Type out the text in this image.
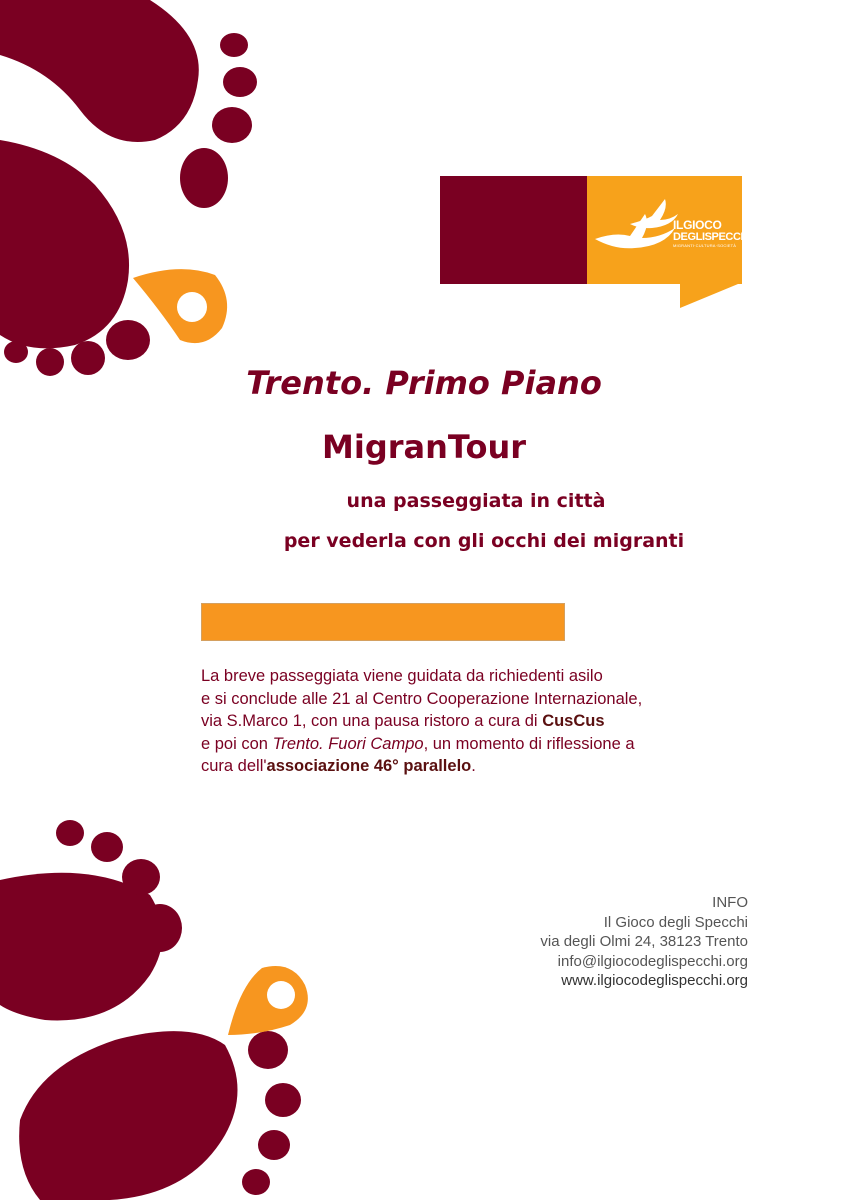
ILGIOCO
DEGLISPECCHI
MIGRANTI·CULTURA·SOCIETÀ
Trento. Primo Piano
MigranTour
una passeggiata in città
per vederla con gli occhi dei migranti
La breve passeggiata viene guidata da richiedenti asilo
e si conclude alle 21 al Centro Cooperazione Internazionale,
via S.Marco 1, con una pausa ristoro a cura di CusCus
e poi con Trento. Fuori Campo, un momento di riflessione a
cura dell'associazione 46° parallelo.
INFO
Il Gioco degli Specchi
via degli Olmi 24, 38123 Trento
info@ilgiocodeglispecchi.org
www.ilgiocodeglispecchi.org
